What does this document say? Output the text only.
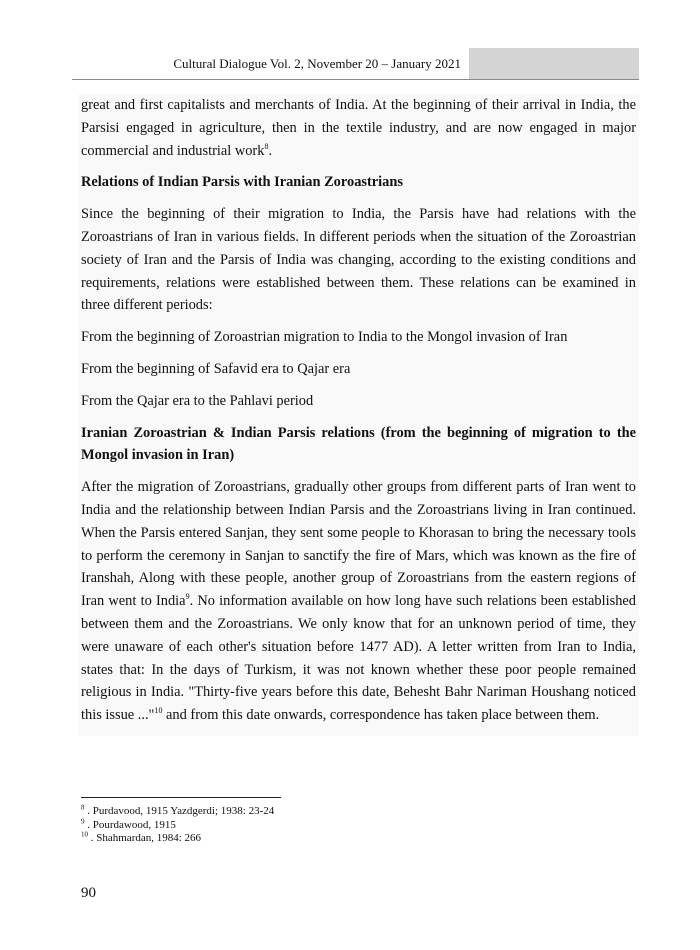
Cultural Dialogue Vol. 2, November 20 – January 2021

great and first capitalists and merchants of India. At the beginning of their arrival in India, the Parsisi engaged in agriculture, then in the textile industry, and are now engaged in major commercial and industrial work$^8$.

Relations of Indian Parsis with Iranian Zoroastrians

Since the beginning of their migration to India, the Parsis have had relations with the Zoroastrians of Iran in various fields. In different periods when the situation of the Zoroastrian society of Iran and the Parsis of India was changing, according to the existing conditions and requirements, relations were established between them. These relations can be examined in three different periods:

From the beginning of Zoroastrian migration to India to the Mongol invasion of Iran

From the beginning of Safavid era to Qajar era

From the Qajar era to the Pahlavi period

Iranian Zoroastrian & Indian Parsis relations (from the beginning of migration to the Mongol invasion in Iran)

After the migration of Zoroastrians, gradually other groups from different parts of Iran went to India and the relationship between Indian Parsis and the Zoroastrians living in Iran continued. When the Parsis entered Sanjan, they sent some people to Khorasan to bring the necessary tools to perform the ceremony in Sanjan to sanctify the fire of Mars, which was known as the fire of Iranshah, Along with these people, another group of Zoroastrians from the eastern regions of Iran went to India$^9$. No information available on how long have such relations been established between them and the Zoroastrians. We only know that for an unknown period of time, they were unaware of each other's situation before 1477 AD). A letter written from Iran to India, states that: In the days of Turkism, it was not known whether these poor people remained religious in India. "Thirty-five years before this date, Behesht Bahr Nariman Houshang noticed this issue ..."$^{10}$ and from this date onwards, correspondence has taken place between them.

$^8$ . Purdavood, 1915 Yazdgerdi; 1938: 23-24
$^9$ . Pourdawood, 1915
$^{10}$ . Shahmardan, 1984: 266
90
